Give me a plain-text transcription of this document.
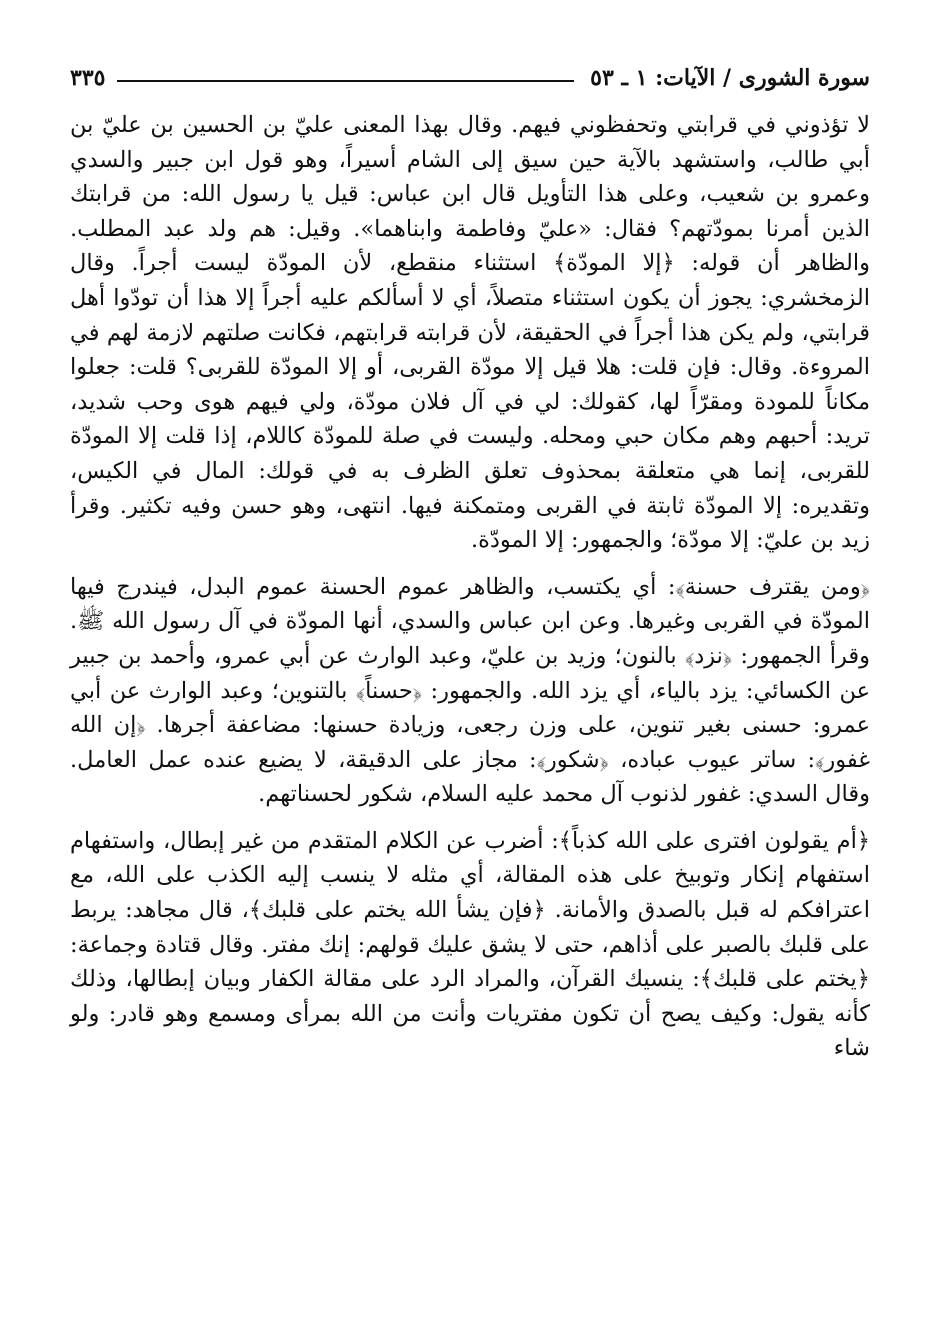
سورة الشورى / الآيات: ١ ـ ٥٣
٣٣٥

لا تؤذوني في قرابتي وتحفظوني فيهم. وقال بهذا المعنى عليّ بن الحسين بن عليّ بن أبي طالب، واستشهد بالآية حين سيق إلى الشام أسيراً، وهو قول ابن جبير والسدي وعمرو بن شعيب، وعلى هذا التأويل قال ابن عباس: قيل يا رسول الله: من قرابتك الذين أمرنا بمودّتهم؟ فقال: «عليّ وفاطمة وابناهما». وقيل: هم ولد عبد المطلب. والظاهر أن قوله: ﴿إلا المودّة﴾ استثناء منقطع، لأن المودّة ليست أجراً. وقال الزمخشري: يجوز أن يكون استثناء متصلاً، أي لا أسألكم عليه أجراً إلا هذا أن تودّوا أهل قرابتي، ولم يكن هذا أجراً في الحقيقة، لأن قرابته قرابتهم، فكانت صلتهم لازمة لهم في المروءة. وقال: فإن قلت: هلا قيل إلا مودّة القربى، أو إلا المودّة للقربى؟ قلت: جعلوا مكاناً للمودة ومقرّاً لها، كقولك: لي في آل فلان مودّة، ولي فيهم هوى وحب شديد، تريد: أحبهم وهم مكان حبي ومحله. وليست في صلة للمودّة كاللام، إذا قلت إلا المودّة للقربى، إنما هي متعلقة بمحذوف تعلق الظرف به في قولك: المال في الكيس، وتقديره: إلا المودّة ثابتة في القربى ومتمكنة فيها. انتهى، وهو حسن وفيه تكثير. وقرأ زيد بن عليّ: إلا مودّة؛ والجمهور: إلا المودّة.

﴿ومن يقترف حسنة﴾: أي يكتسب، والظاهر عموم الحسنة عموم البدل، فيندرج فيها المودّة في القربى وغيرها. وعن ابن عباس والسدي، أنها المودّة في آل رسول الله ﷺ. وقرأ الجمهور: ﴿نزد﴾ بالنون؛ وزيد بن عليّ، وعبد الوارث عن أبي عمرو، وأحمد بن جبير عن الكسائي: يزد بالياء، أي يزد الله. والجمهور: ﴿حسناً﴾ بالتنوين؛ وعبد الوارث عن أبي عمرو: حسنى بغير تنوين، على وزن رجعى، وزيادة حسنها: مضاعفة أجرها. ﴿إن الله غفور﴾: ساتر عيوب عباده، ﴿شكور﴾: مجاز على الدقيقة، لا يضيع عنده عمل العامل. وقال السدي: غفور لذنوب آل محمد عليه السلام، شكور لحسناتهم.

﴿أم يقولون افترى على الله كذباً﴾: أضرب عن الكلام المتقدم من غير إبطال، واستفهام استفهام إنكار وتوبيخ على هذه المقالة، أي مثله لا ينسب إليه الكذب على الله، مع اعترافكم له قبل بالصدق والأمانة. ﴿فإن يشأ الله يختم على قلبك﴾، قال مجاهد: يربط على قلبك بالصبر على أذاهم، حتى لا يشق عليك قولهم: إنك مفتر. وقال قتادة وجماعة: ﴿يختم على قلبك﴾: ينسيك القرآن، والمراد الرد على مقالة الكفار وبيان إبطالها، وذلك كأنه يقول: وكيف يصح أن تكون مفتريات وأنت من الله بمرأى ومسمع وهو قادر: ولو شاء
